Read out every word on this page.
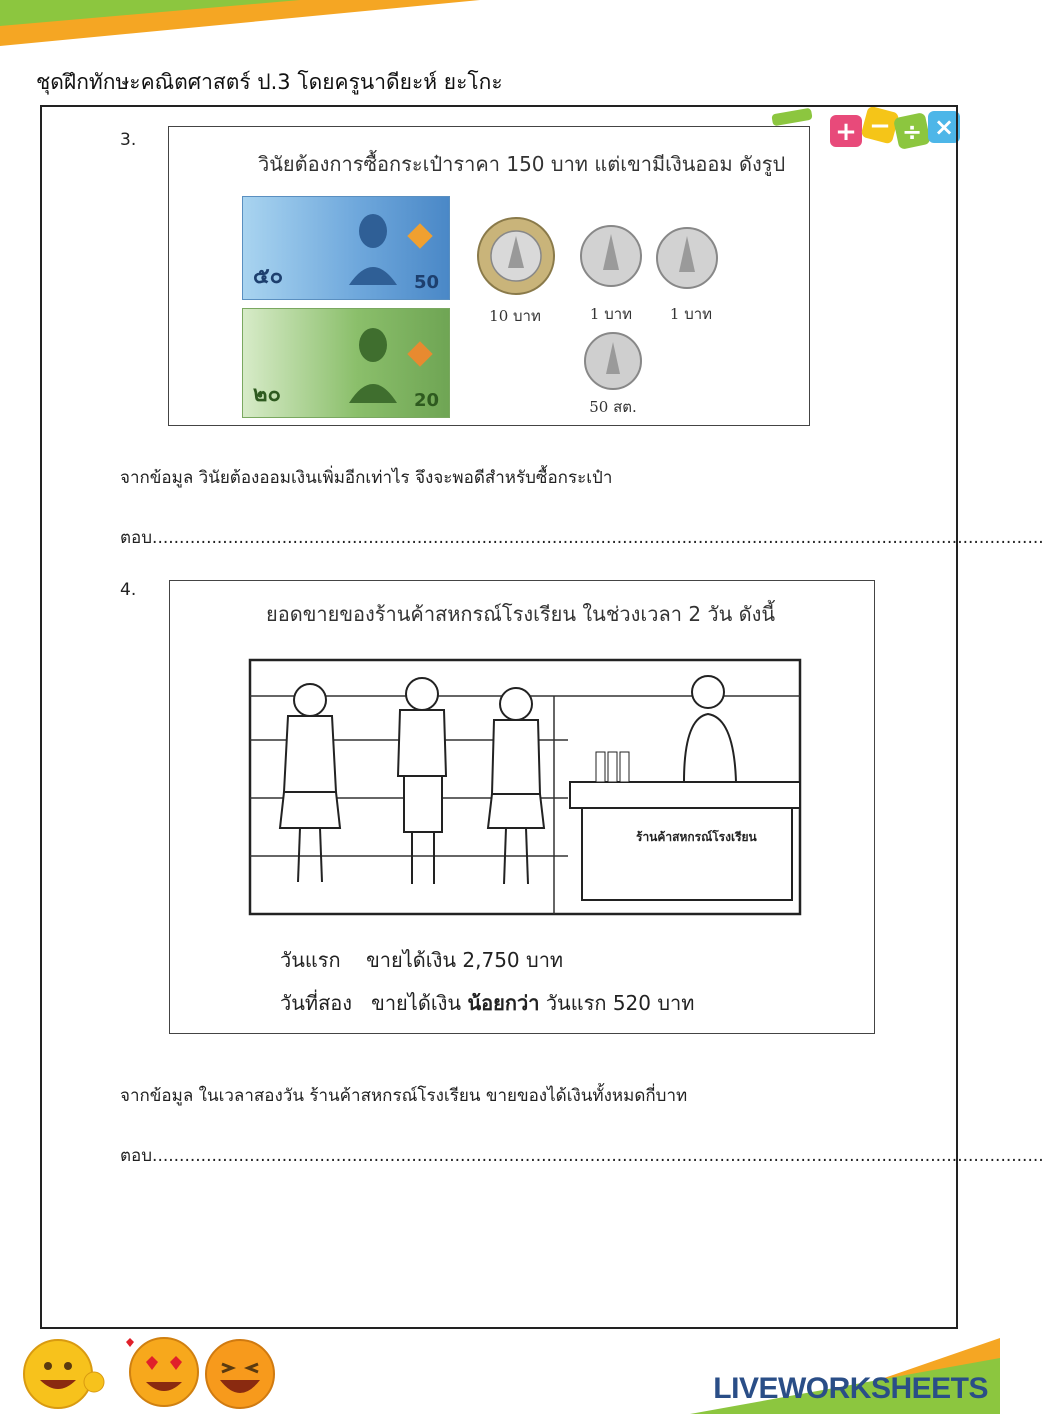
ชุดฝึกทักษะคณิตศาสตร์ ป.3 โดยครูนาดียะห์ ยะโกะ
+ − ÷ ×
3.
วินัยต้องการซื้อกระเป๋าราคา 150 บาท แต่เขามีเงินออม ดังรูป
๕๐	50
๒๐	20
10 บาท	1 บาท	1 บาท
50 สต.
จากข้อมูล วินัยต้องออมเงินเพิ่มอีกเท่าไร จึงจะพอดีสำหรับซื้อกระเป๋า
ตอบ.....................................................................................................................................................................
4.
ยอดขายของร้านค้าสหกรณ์โรงเรียน ในช่วงเวลา 2 วัน ดังนี้
ร้านค้าสหกรณ์โรงเรียน
วันแรก ขายได้เงิน 2,750 บาท
วันที่สอง ขายได้เงิน น้อยกว่า วันแรก 520 บาท
จากข้อมูล ในเวลาสองวัน ร้านค้าสหกรณ์โรงเรียน ขายของได้เงินทั้งหมดกี่บาท
ตอบ.....................................................................................................................................................................
LIVEWORKSHEETS
